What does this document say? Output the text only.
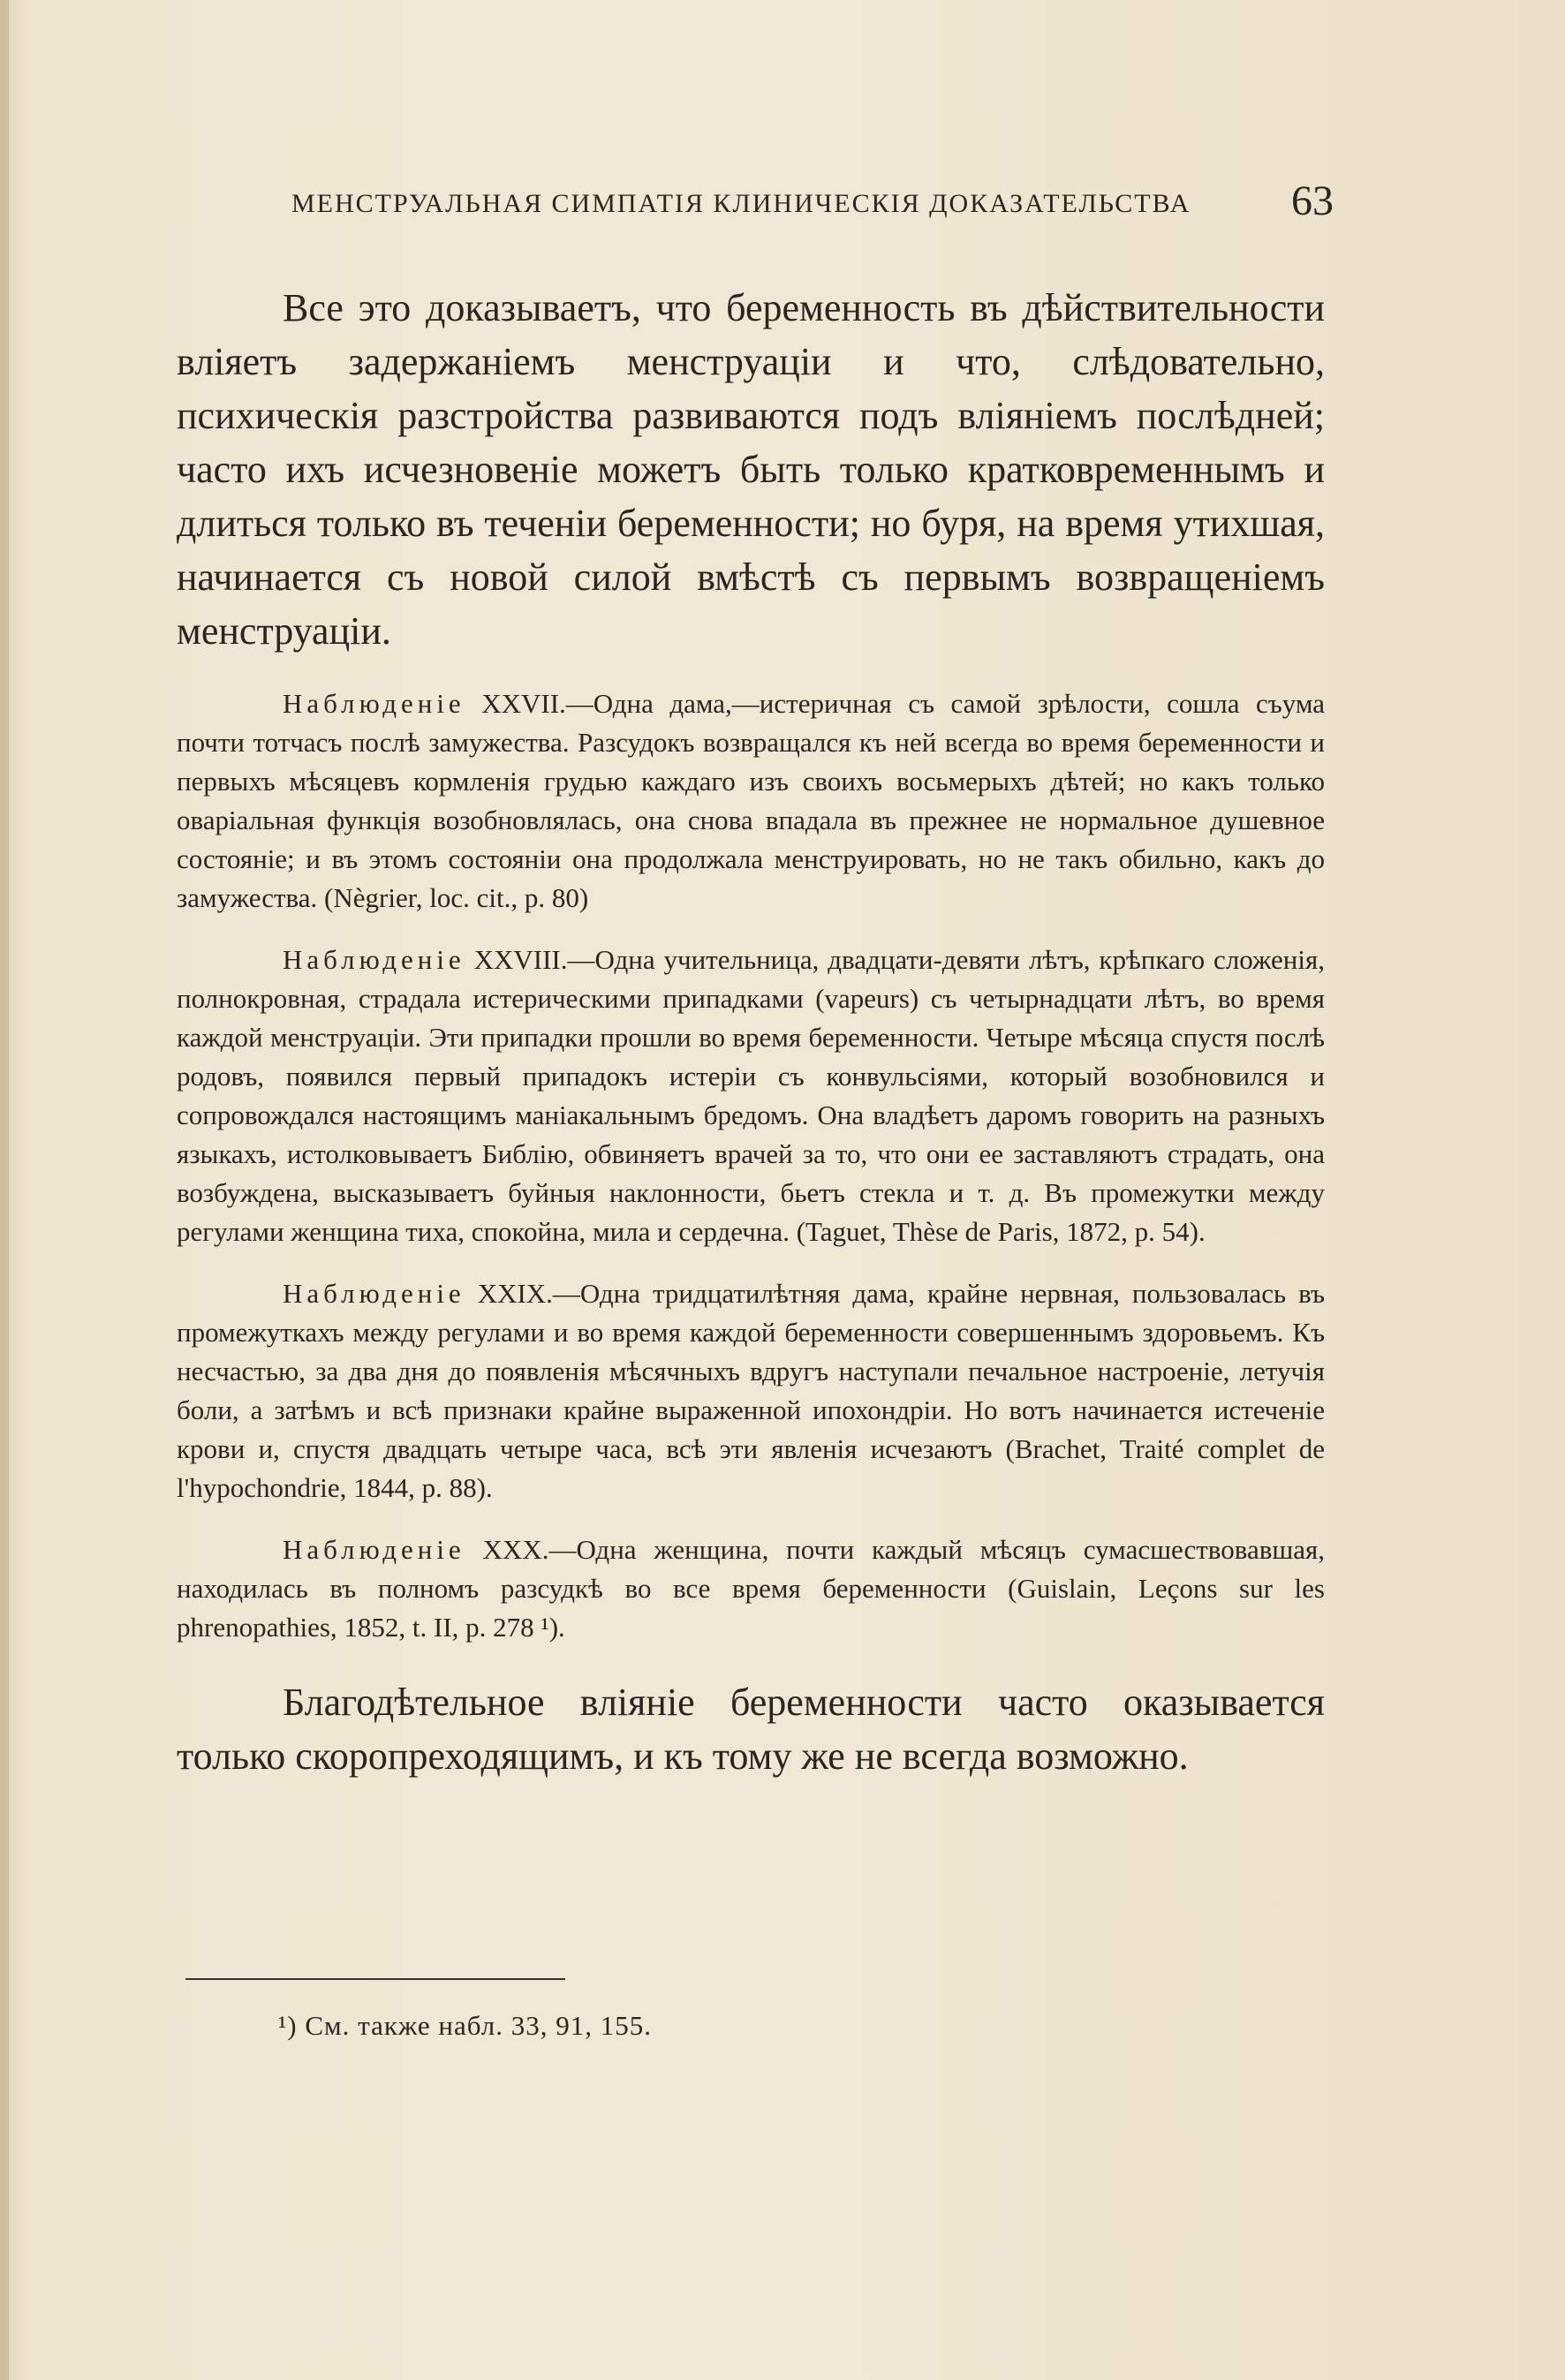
МЕНСТРУАЛЬНАЯ СИМПАТІЯ КЛИНИЧЕСКІЯ ДОКАЗАТЕЛЬСТВА 63

Все это доказываетъ, что беременность въ дѣйствительности вліяетъ задержаніемъ менструаціи и что, слѣдовательно, психическія разстройства развиваются подъ вліяніемъ послѣдней; часто ихъ исчезновеніе можетъ быть только кратковременнымъ и длиться только въ теченіи беременности; но буря, на время утихшая, начинается съ новой силой вмѣстѣ съ первымъ возвращеніемъ менструаціи.

Наблюденіе XXVII.—Одна дама,—истеричная съ самой зрѣлости, сошла съума почти тотчасъ послѣ замужества. Разсудокъ возвращался къ ней всегда во время беременности и первыхъ мѣсяцевъ кормленія грудью каждаго изъ своихъ восьмерыхъ дѣтей; но какъ только оваріальная функція возобновлялась, она снова впадала въ прежнее не нормальное душевное состояніе; и въ этомъ состояніи она продолжала менструировать, но не такъ обильно, какъ до замужества. (Nègrier, loc. cit., p. 80)

Наблюденіе XXVIII.—Одна учительница, двадцати-девяти лѣтъ, крѣпкаго сложенія, полнокровная, страдала истерическими припадками (vapeurs) съ четырнадцати лѣтъ, во время каждой менструаціи. Эти припадки прошли во время беременности. Четыре мѣсяца спустя послѣ родовъ, появился первый припадокъ истеріи съ конвульсіями, который возобновился и сопровождался настоящимъ маніакальнымъ бредомъ. Она владѣетъ даромъ говорить на разныхъ языкахъ, истолковываетъ Библію, обвиняетъ врачей за то, что они ее заставляютъ страдать, она возбуждена, высказываетъ буйныя наклонности, бьетъ стекла и т. д. Въ промежутки между регулами женщина тиха, спокойна, мила и сердечна. (Taguet, Thèse de Paris, 1872, p. 54).

Наблюденіе XXIX.—Одна тридцатилѣтняя дама, крайне нервная, пользовалась въ промежуткахъ между регулами и во время каждой беременности совершеннымъ здоровьемъ. Къ несчастью, за два дня до появленія мѣсячныхъ вдругъ наступали печальное настроеніе, летучія боли, а затѣмъ и всѣ признаки крайне выраженной ипохондріи. Но вотъ начинается истеченіе крови и, спустя двадцать четыре часа, всѣ эти явленія исчезаютъ (Brachet, Traité complet de l'hypochondrie, 1844, p. 88).

Наблюденіе XXX.—Одна женщина, почти каждый мѣсяцъ сумасшествовавшая, находилась въ полномъ разсудкѣ во все время беременности (Guislain, Leçons sur les phrenopathies, 1852, t. II, p. 278 ¹).

Благодѣтельное вліяніе беременности часто оказывается только скоропреходящимъ, и къ тому же не всегда возможно.

¹) См. также набл. 33, 91, 155.
